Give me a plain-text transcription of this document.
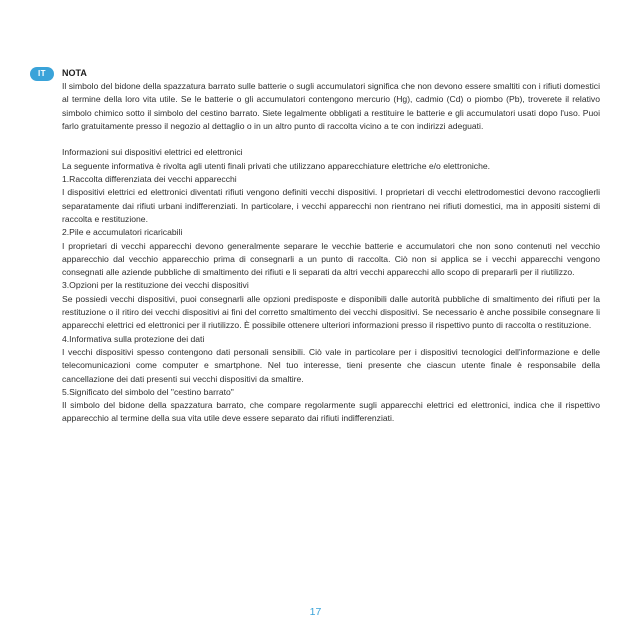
IT	NOTA

Il simbolo del bidone della spazzatura barrato sulle batterie o sugli accumulatori significa che non devono essere smaltiti con i rifiuti domestici al termine della loro vita utile. Se le batterie o gli accumulatori contengono mercurio (Hg), cadmio (Cd) o piombo (Pb), troverete il relativo simbolo chimico sotto il simbolo del cestino barrato. Siete legalmente obbligati a restituire le batterie e gli accumulatori usati dopo l'uso. Puoi farlo gratuitamente presso il negozio al dettaglio o in un altro punto di raccolta vicino a te con indirizzi adeguati.

Informazioni sui dispositivi elettrici ed elettronici

La seguente informativa è rivolta agli utenti finali privati che utilizzano apparecchiature elettriche e/o elettroniche.

1.Raccolta differenziata dei vecchi apparecchi

I dispositivi elettrici ed elettronici diventati rifiuti vengono definiti vecchi dispositivi. I proprietari di vecchi elettrodomestici devono raccoglierli separatamente dai rifiuti urbani indifferenziati. In particolare, i vecchi apparecchi non rientrano nei rifiuti domestici, ma in appositi sistemi di raccolta e restituzione.

2.Pile e accumulatori ricaricabili

I proprietari di vecchi apparecchi devono generalmente separare le vecchie batterie e accumulatori che non sono contenuti nel vecchio apparecchio dal vecchio apparecchio prima di consegnarli a un punto di raccolta. Ciò non si applica se i vecchi apparecchi vengono consegnati alle aziende pubbliche di smaltimento dei rifiuti e li separati da altri vecchi apparecchi allo scopo di prepararli per il riutilizzo.

3.Opzioni per la restituzione dei vecchi dispositivi

Se possiedi vecchi dispositivi, puoi consegnarli alle opzioni predisposte e disponibili dalle autorità pubbliche di smaltimento dei rifiuti per la restituzione o il ritiro dei vecchi dispositivi ai fini del corretto smaltimento dei vecchi dispositivi. Se necessario è anche possibile consegnare li apparecchi elettrici ed elettronici per il riutilizzo. È possibile ottenere ulteriori informazioni presso il rispettivo punto di raccolta o restituzione.

4.Informativa sulla protezione dei dati

I vecchi dispositivi spesso contengono dati personali sensibili. Ciò vale in particolare per i dispositivi tecnologici dell'informazione e delle telecomunicazioni come computer e smartphone. Nel tuo interesse, tieni presente che ciascun utente finale è responsabile della cancellazione dei dati presenti sui vecchi dispositivi da smaltire.

5.Significato del simbolo del "cestino barrato"

Il simbolo del bidone della spazzatura barrato, che compare regolarmente sugli apparecchi elettrici ed elettronici, indica che il rispettivo apparecchio al termine della sua vita utile deve essere separato dai rifiuti indifferenziati.

17
